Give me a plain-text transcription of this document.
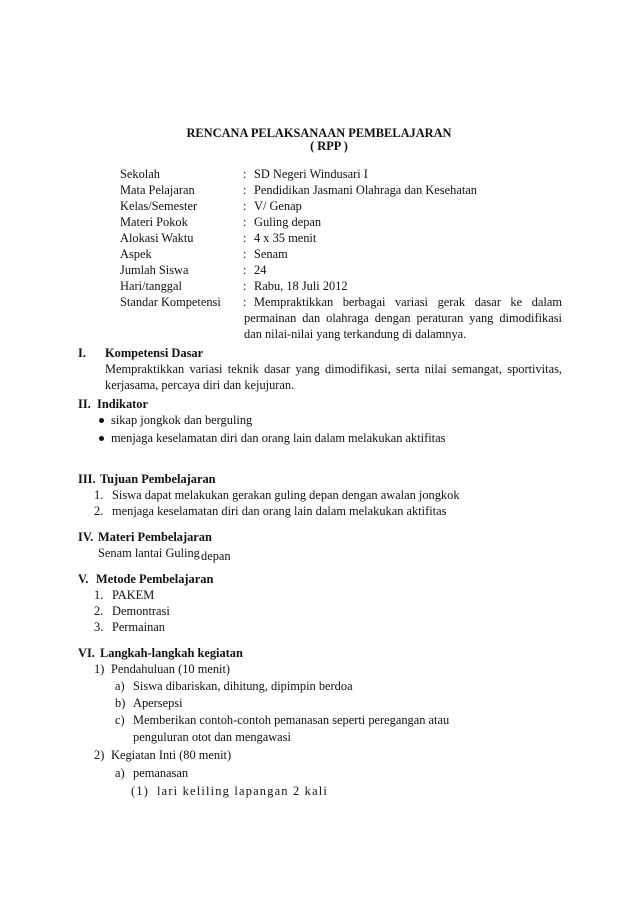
RENCANA PELAKSANAAN PEMBELAJARAN
( RPP )
Sekolah	: SD Negeri Windusari I
Mata Pelajaran	: Pendidikan Jasmani Olahraga dan Kesehatan
Kelas/Semester	: V/ Genap
Materi Pokok	: Guling depan
Alokasi Waktu	: 4 x 35 menit
Aspek	: Senam
Jumlah Siswa	: 24
Hari/tanggal	: Rabu, 18 Juli 2012
Standar Kompetensi : Mempraktikkan berbagai variasi gerak dasar ke dalam
permainan dan olahraga dengan peraturan yang dimodifikasi
dan nilai-nilai yang terkandung di dalamnya.
I. Kompetensi Dasar
Mempraktikkan variasi teknik dasar yang dimodifikasi, serta nilai semangat, sportivitas,
kerjasama, percaya diri dan kejujuran.
II. Indikator
sikap jongkok dan berguling
menjaga keselamatan diri dan orang lain dalam melakukan aktifitas
III. Tujuan Pembelajaran
1. Siswa dapat melakukan gerakan guling depan dengan awalan jongkok
2. menjaga keselamatan diri dan orang lain dalam melakukan aktifitas
IV. Materi Pembelajaran
Senam lantai Guling depan
V. Metode Pembelajaran
1. PAKEM
2. Demontrasi
3. Permainan
VI. Langkah-langkah kegiatan
1) Pendahuluan (10 menit)
a) Siswa dibariskan, dihitung, dipimpin berdoa
b) Apersepsi
c) Memberikan contoh-contoh pemanasan seperti peregangan atau
penguluran otot dan mengawasi
2) Kegiatan Inti (80 menit)
a) pemanasan
(1) lari keliling lapangan 2 kali
